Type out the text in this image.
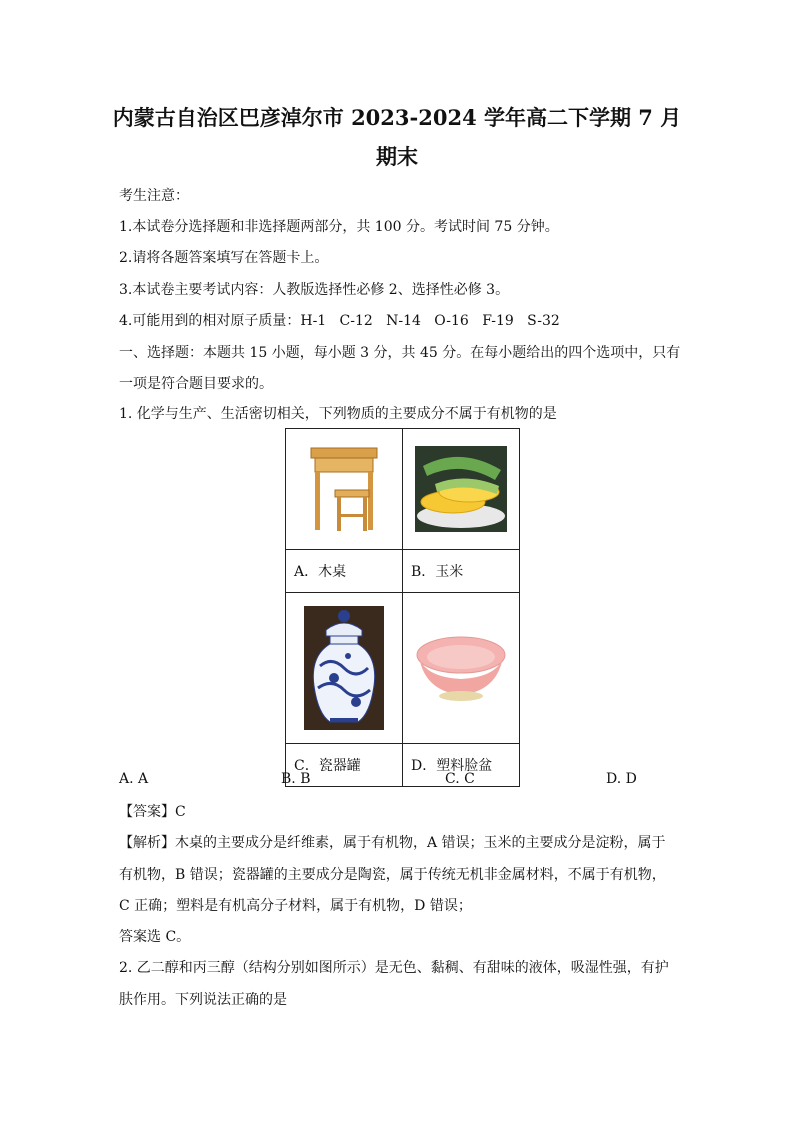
内蒙古自治区巴彦淖尔市 2023-2024 学年高二下学期 7 月
期末
考生注意：
1.本试卷分选择题和非选择题两部分，共 100 分。考试时间 75 分钟。
2.请将各题答案填写在答题卡上。
3.本试卷主要考试内容：人教版选择性必修 2、选择性必修 3。
4.可能用到的相对原子质量：H-1   C-12   N-14   O-16   F-19   S-32
一、选择题：本题共 15 小题，每小题 3 分，共 45 分。在每小题给出的四个选项中，只有
一项是符合题目要求的。
1. 化学与生产、生活密切相关，下列物质的主要成分不属于有机物的是

A．木桌	B．玉米

C．瓷器罐	D．塑料脸盆
A. A	B. B	C. C	D. D
【答案】C
【解析】木桌的主要成分是纤维素，属于有机物，A 错误；玉米的主要成分是淀粉，属于
有机物，B 错误；瓷器罐的主要成分是陶瓷，属于传统无机非金属材料，不属于有机物，
C 正确；塑料是有机高分子材料，属于有机物，D 错误；
答案选 C。
2. 乙二醇和丙三醇（结构分别如图所示）是无色、黏稠、有甜味的液体，吸湿性强，有护
肤作用。下列说法正确的是
